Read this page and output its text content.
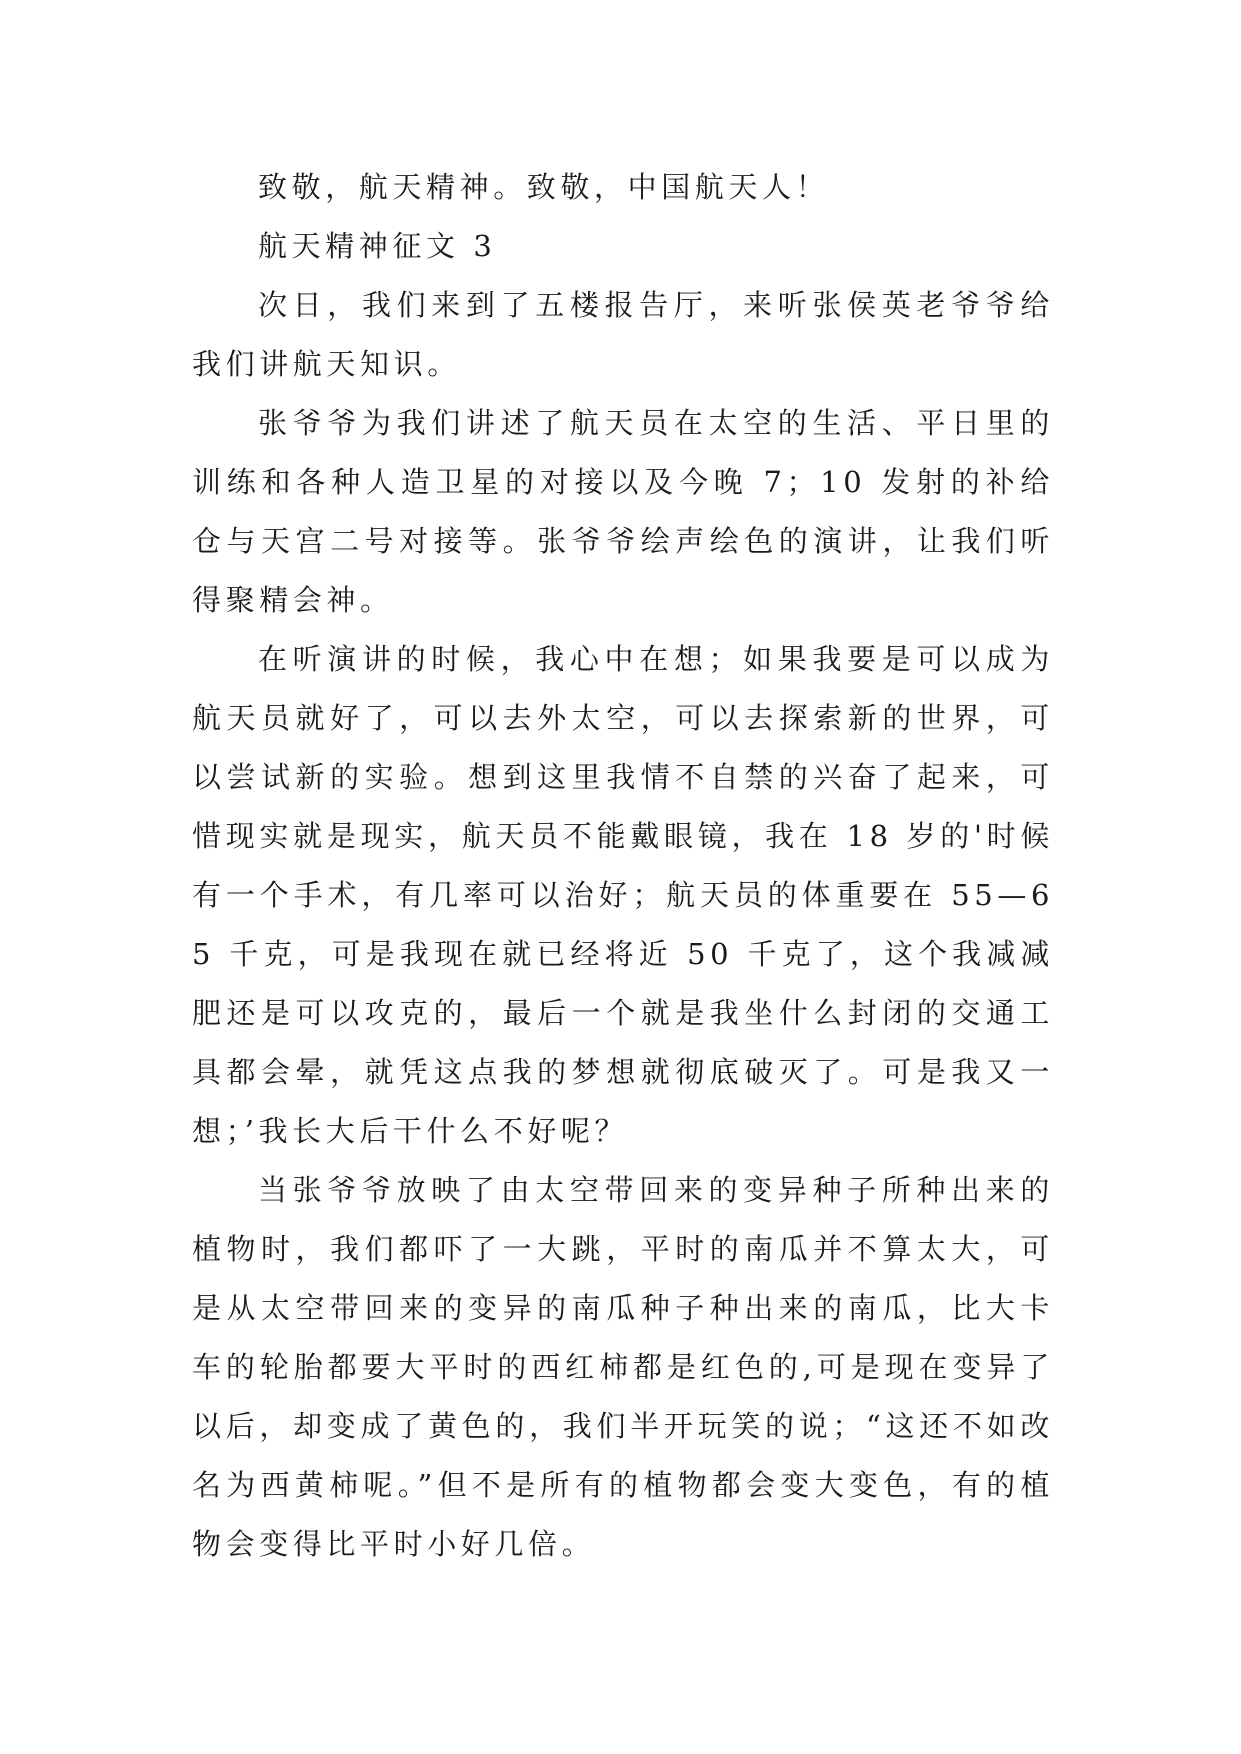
致敬，航天精神。致敬，中国航天人！

航天精神征文 3

次日，我们来到了五楼报告厅，来听张侯英老爷爷给我们讲航天知识。

张爷爷为我们讲述了航天员在太空的生活、平日里的训练和各种人造卫星的对接以及今晚 7；10 发射的补给仓与天宫二号对接等。张爷爷绘声绘色的演讲，让我们听得聚精会神。

在听演讲的时候，我心中在想；如果我要是可以成为航天员就好了，可以去外太空，可以去探索新的世界，可以尝试新的实验。想到这里我情不自禁的兴奋了起来，可惜现实就是现实，航天员不能戴眼镜，我在 18 岁的'时候有一个手术，有几率可以治好；航天员的体重要在 55—65 千克，可是我现在就已经将近 50 千克了，这个我减减肥还是可以攻克的，最后一个就是我坐什么封闭的交通工具都会晕，就凭这点我的梦想就彻底破灭了。可是我又一想；’我长大后干什么不好呢？

当张爷爷放映了由太空带回来的变异种子所种出来的植物时，我们都吓了一大跳，平时的南瓜并不算太大，可是从太空带回来的变异的南瓜种子种出来的南瓜，比大卡车的轮胎都要大平时的西红柿都是红色的,可是现在变异了以后，却变成了黄色的，我们半开玩笑的说；“这还不如改名为西黄柿呢。”但不是所有的植物都会变大变色，有的植物会变得比平时小好几倍。
